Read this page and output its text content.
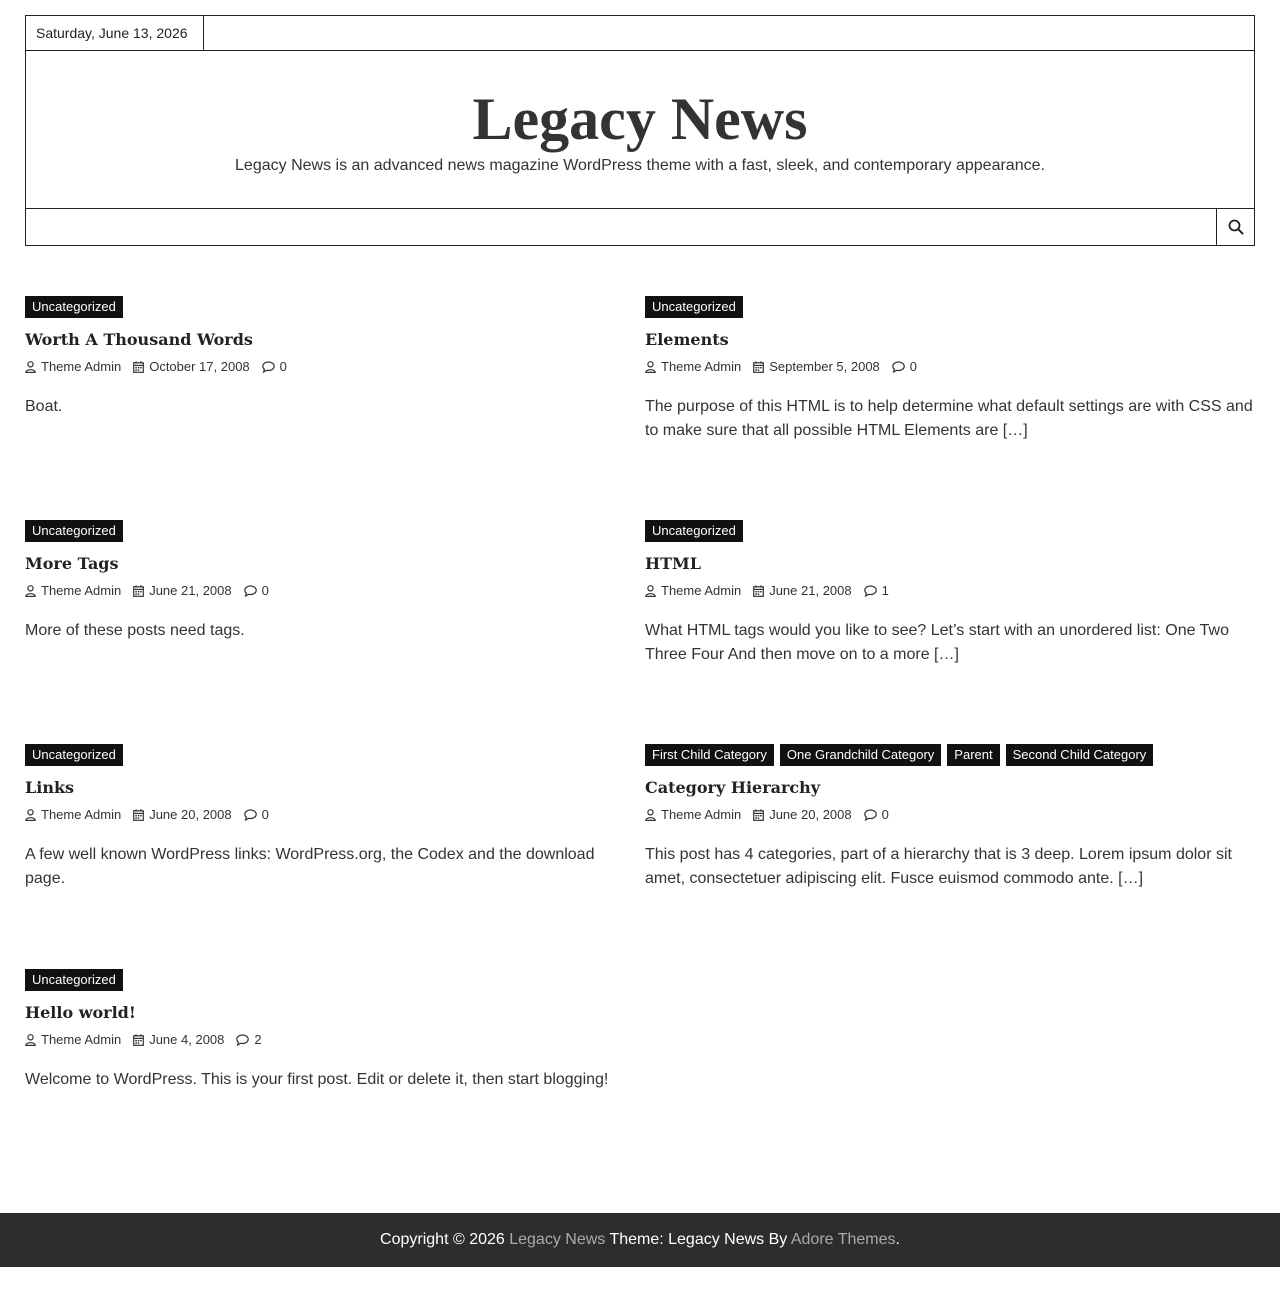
Saturday, June 13, 2026
Legacy News
Legacy News is an advanced news magazine WordPress theme with a fast, sleek, and contemporary appearance.
Uncategorized
Worth A Thousand Words
Theme Admin October 17, 2008 0

Boat.

Uncategorized
Elements
Theme Admin September 5, 2008 0

The purpose of this HTML is to help determine what default settings are with CSS and to make sure that all possible HTML Elements are […]

Uncategorized
More Tags
Theme Admin June 21, 2008 0

More of these posts need tags.

Uncategorized
HTML
Theme Admin June 21, 2008 1

What HTML tags would you like to see? Let’s start with an unordered list: One Two Three Four And then move on to a more […]

Uncategorized
Links
Theme Admin June 20, 2008 0

A few well known WordPress links: WordPress.org, the Codex and the download page.

First Child Category	One Grandchild Category	Parent	Second Child Category
Category Hierarchy
Theme Admin June 20, 2008 0

This post has 4 categories, part of a hierarchy that is 3 deep. Lorem ipsum dolor sit amet, consectetuer adipiscing elit. Fusce euismod commodo ante. […]

Uncategorized
Hello world!
Theme Admin June 4, 2008 2

Welcome to WordPress. This is your first post. Edit or delete it, then start blogging!

Copyright © 2026 Legacy News Theme: Legacy News By Adore Themes.
